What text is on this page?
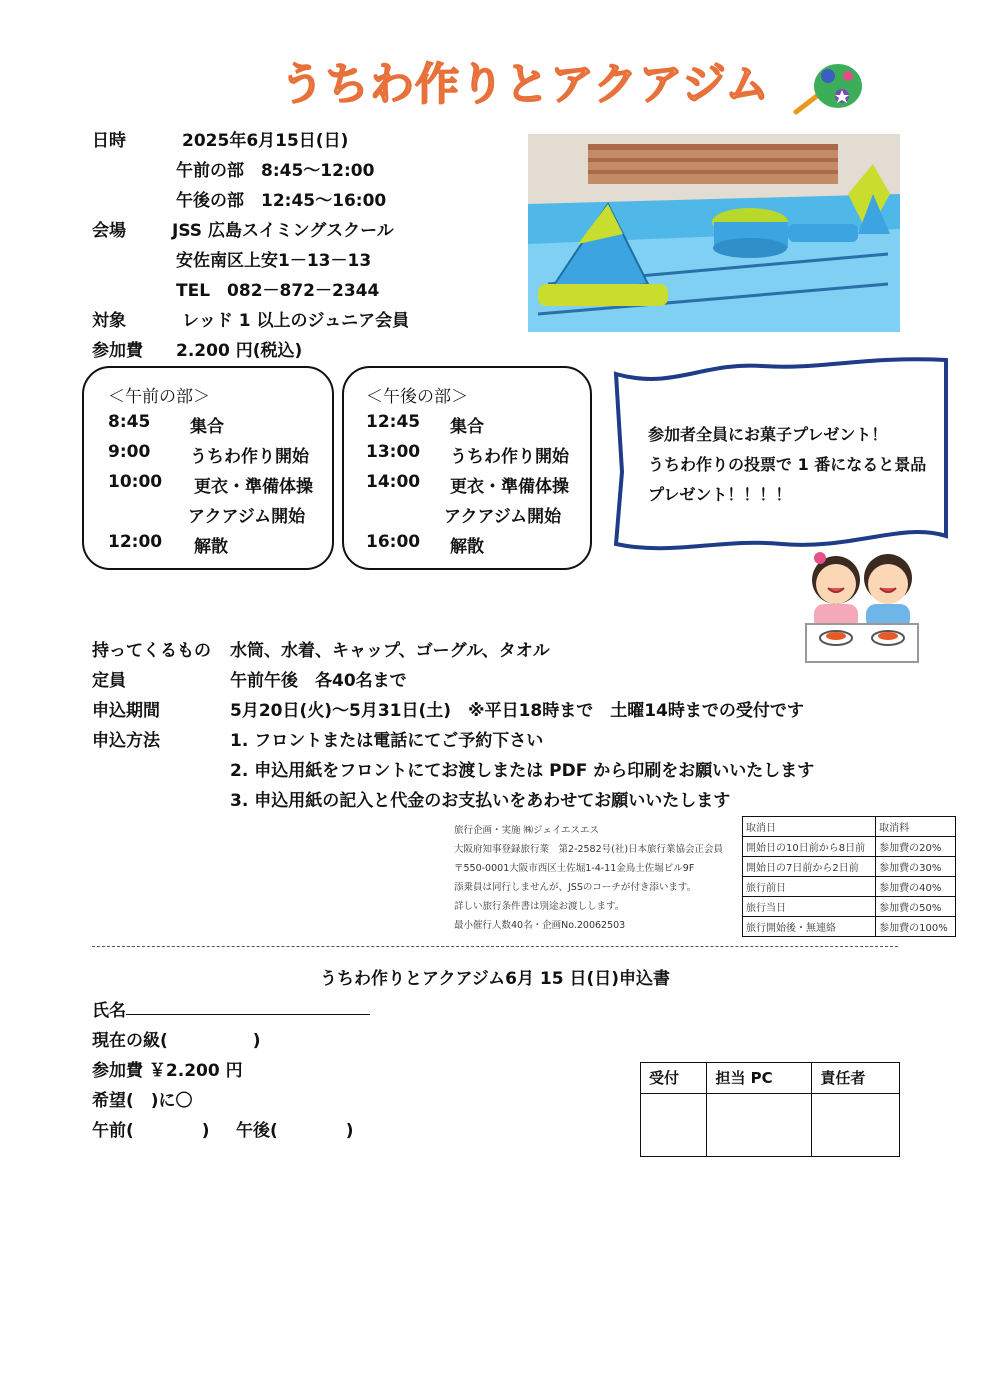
うちわ作りとアクアジム
日時	2025年6月15日(日)
午前の部　8:45～12:00
午後の部　12:45～16:00
会場	JSS 広島スイミングスクール
安佐南区上安1－13－13
TEL　082－872－2344
対象	レッド 1 以上のジュニア会員
参加費 2.200 円(税込)
＜午前の部＞
8:45 集合
9:00 うちわ作り開始
10:00 更衣・準備体操
アクアジム開始
12:00 解散
＜午後の部＞
12:45 集合
13:00 うちわ作り開始
14:00 更衣・準備体操
アクアジム開始
16:00 解散
参加者全員にお菓子プレゼント！
うちわ作りの投票で 1 番になると景品
プレゼント！！！！
持ってくるもの 水筒、水着、キャップ、ゴーグル、タオル
定員	午前午後　各40名まで
申込期間	5月20日(火)～5月31日(土)　※平日18時まで　土曜14時までの受付です
申込方法	1. フロントまたは電話にてご予約下さい
2. 申込用紙をフロントにてお渡しまたは PDF から印刷をお願いいたします
3. 申込用紙の記入と代金のお支払いをあわせてお願いいたします
旅行企画・実施 ㈱ジェイエスエス
大阪府知事登録旅行業　第2-2582号(社)日本旅行業協会正会員
〒550-0001大阪市西区土佐堀1-4-11金鳥土佐堀ビル9F
添乗員は同行しませんが、JSSのコーチが付き添います。
詳しい旅行条件書は別途お渡しします。
最小催行人数40名・企画No.20062503
取消日	取消料
開始日の10日前から8日前	参加費の20%
開始日の7日前から2日前	参加費の30%
旅行前日	参加費の40%
旅行当日	参加費の50%
旅行開始後・無連絡	参加費の100%
うちわ作りとアクアジム6月 15 日(日)申込書
氏名
現在の級(　　　　　)
参加費 ￥2.200 円
希望(　)に〇
午前(　　　　) 午後(　　　　)
受付	担当 PC	責任者
